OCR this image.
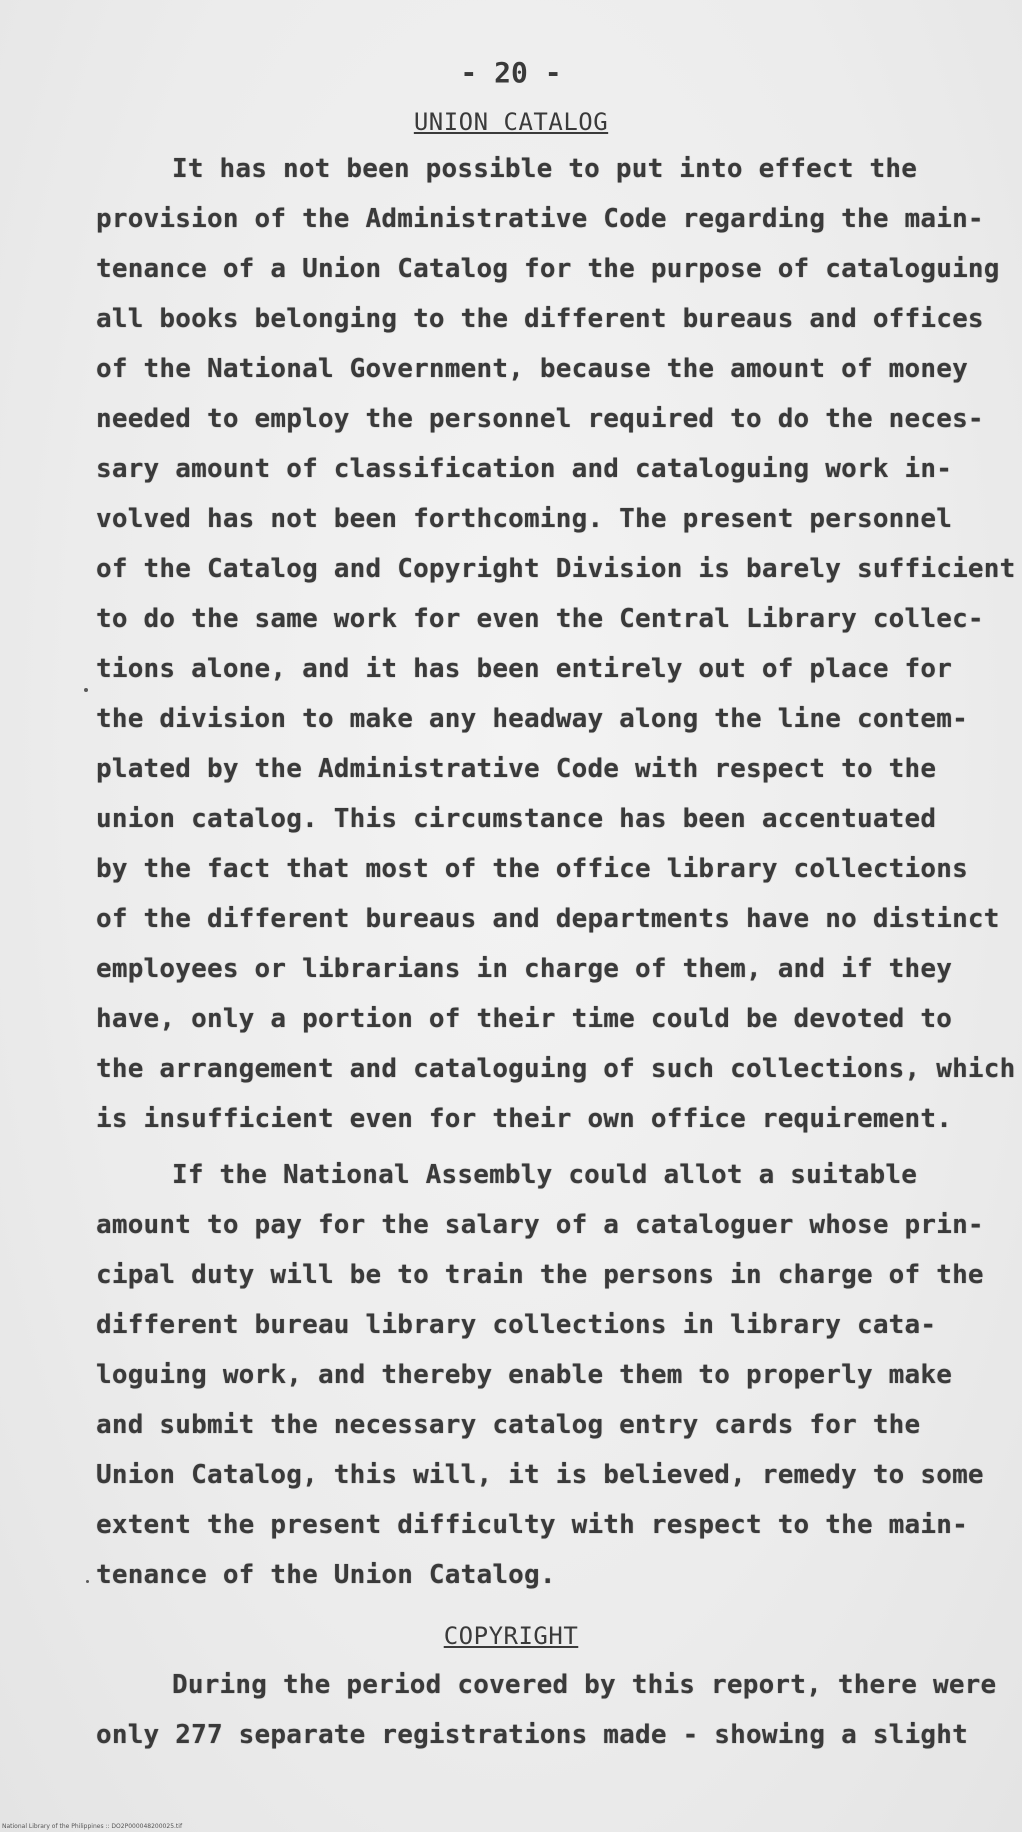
- 20 -
UNION CATALOG
It has not been possible to put into effect the
provision of the Administrative Code regarding the main-
tenance of a Union Catalog for the purpose of cataloguing
all books belonging to the different bureaus and offices
of the National Government, because the amount of money
needed to employ the personnel required to do the neces-
sary amount of classification and cataloguing work in-
volved has not been forthcoming. The present personnel
of the Catalog and Copyright Division is barely sufficient
to do the same work for even the Central Library collec-
tions alone, and it has been entirely out of place for
the division to make any headway along the line contem-
plated by the Administrative Code with respect to the
union catalog. This circumstance has been accentuated
by the fact that most of the office library collections
of the different bureaus and departments have no distinct
employees or librarians in charge of them, and if they
have, only a portion of their time could be devoted to
the arrangement and cataloguing of such collections, which
is insufficient even for their own office requirement.
If the National Assembly could allot a suitable
amount to pay for the salary of a cataloguer whose prin-
cipal duty will be to train the persons in charge of the
different bureau library collections in library cata-
loguing work, and thereby enable them to properly make
and submit the necessary catalog entry cards for the
Union Catalog, this will, it is believed, remedy to some
extent the present difficulty with respect to the main-
tenance of the Union Catalog.
COPYRIGHT
During the period covered by this report, there were
only 277 separate registrations made - showing a slight
National Library of the Philippines :: DO2P000048200025.tif
